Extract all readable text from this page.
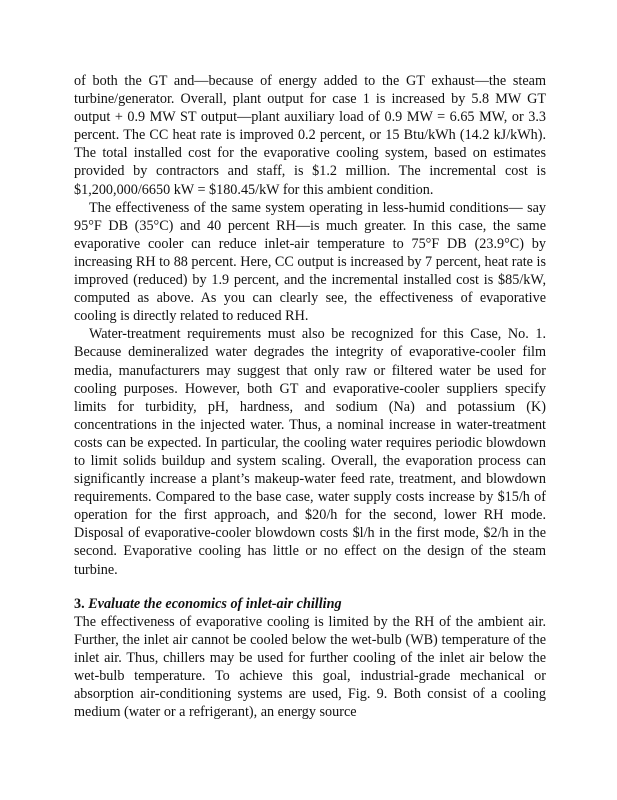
of both the GT and—because of energy added to the GT exhaust—the steam turbine/generator. Overall, plant output for case 1 is increased by 5.8 MW GT output + 0.9 MW ST output—plant auxiliary load of 0.9 MW = 6.65 MW, or 3.3 percent. The CC heat rate is improved 0.2 percent, or 15 Btu/kWh (14.2 kJ/kWh). The total installed cost for the evaporative cooling system, based on estimates provided by contractors and staff, is $1.2 million. The incremental cost is $1,200,000/6650 kW = $180.45/kW for this ambient condition.

The effectiveness of the same system operating in less-humid conditions— say 95°F DB (35°C) and 40 percent RH—is much greater. In this case, the same evaporative cooler can reduce inlet-air temperature to 75°F DB (23.9°C) by increasing RH to 88 percent. Here, CC output is increased by 7 percent, heat rate is improved (reduced) by 1.9 percent, and the incremental installed cost is $85/kW, computed as above. As you can clearly see, the effectiveness of evaporative cooling is directly related to reduced RH.

Water-treatment requirements must also be recognized for this Case, No. 1. Because demineralized water degrades the integrity of evaporative-cooler film media, manufacturers may suggest that only raw or filtered water be used for cooling purposes. However, both GT and evaporative-cooler suppliers specify limits for turbidity, pH, hardness, and sodium (Na) and potassium (K) concentrations in the injected water. Thus, a nominal increase in water-treatment costs can be expected. In particular, the cooling water requires periodic blowdown to limit solids buildup and system scaling. Overall, the evaporation process can significantly increase a plant’s makeup-water feed rate, treatment, and blowdown requirements. Compared to the base case, water supply costs increase by $15/h of operation for the first approach, and $20/h for the second, lower RH mode. Disposal of evaporative-cooler blowdown costs $l/h in the first mode, $2/h in the second. Evaporative cooling has little or no effect on the design of the steam turbine.

3. Evaluate the economics of inlet-air chilling

The effectiveness of evaporative cooling is limited by the RH of the ambient air. Further, the inlet air cannot be cooled below the wet-bulb (WB) temperature of the inlet air. Thus, chillers may be used for further cooling of the inlet air below the wet-bulb temperature. To achieve this goal, industrial-grade mechanical or absorption air-conditioning systems are used, Fig. 9. Both consist of a cooling medium (water or a refrigerant), an energy source
